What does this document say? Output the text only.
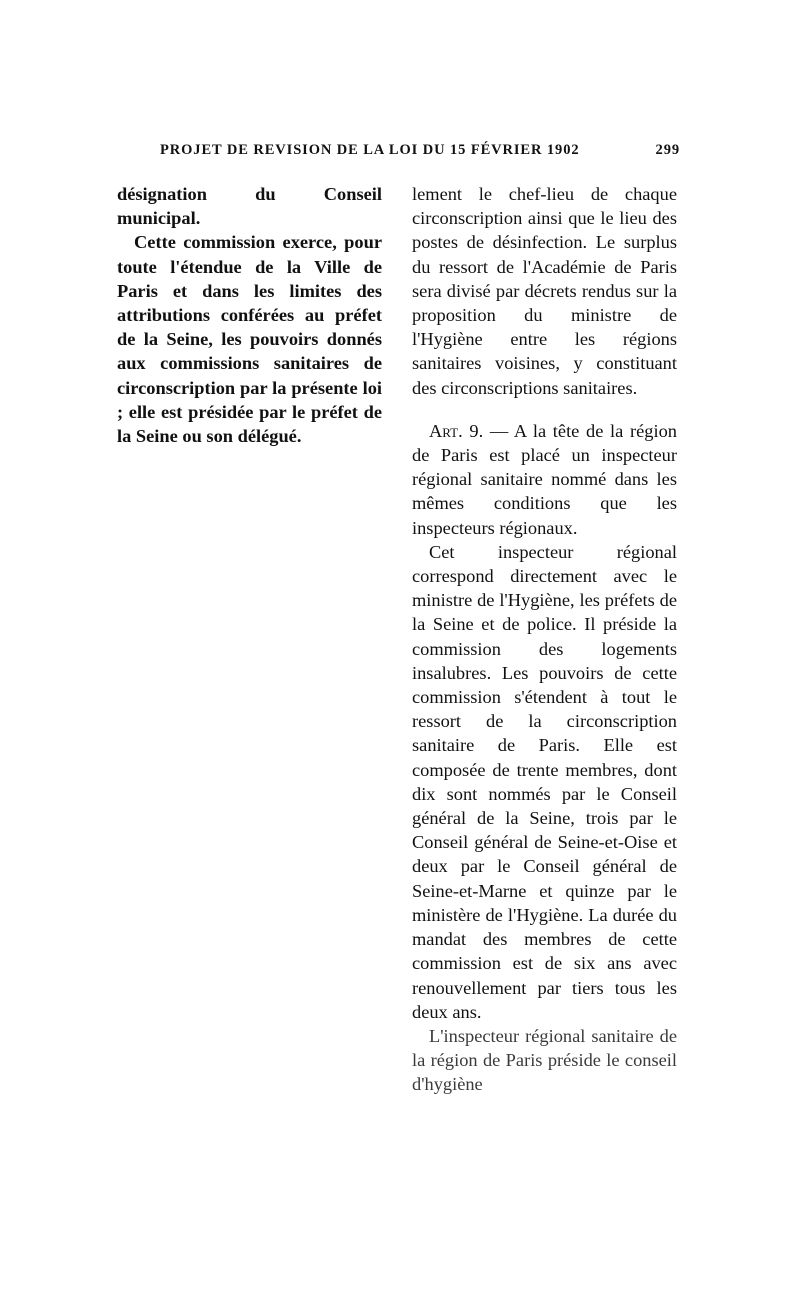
PROJET DE REVISION DE LA LOI DU 15 FÉVRIER 1902	299

désignation du Conseil municipal.

Cette commission exerce, pour toute l'étendue de la Ville de Paris et dans les limites des attributions conférées au préfet de la Seine, les pouvoirs donnés aux commissions sanitaires de circonscription par la présente loi ; elle est présidée par le préfet de la Seine ou son délégué.

lement le chef-lieu de chaque circonscription ainsi que le lieu des postes de désinfection. Le surplus du ressort de l'Académie de Paris sera divisé par décrets rendus sur la proposition du ministre de l'Hygiène entre les régions sanitaires voisines, y constituant des circonscriptions sanitaires.

Art. 9. — A la tête de la région de Paris est placé un inspecteur régional sanitaire nommé dans les mêmes conditions que les inspecteurs régionaux.

Cet inspecteur régional correspond directement avec le ministre de l'Hygiène, les préfets de la Seine et de police. Il préside la commission des logements insalubres. Les pouvoirs de cette commission s'étendent à tout le ressort de la circonscription sanitaire de Paris. Elle est composée de trente membres, dont dix sont nommés par le Conseil général de la Seine, trois par le Conseil général de Seine-et-Oise et deux par le Conseil général de Seine-et-Marne et quinze par le ministère de l'Hygiène. La durée du mandat des membres de cette commission est de six ans avec renouvellement par tiers tous les deux ans.

L'inspecteur régional sanitaire de la région de Paris préside le conseil d'hygiène
